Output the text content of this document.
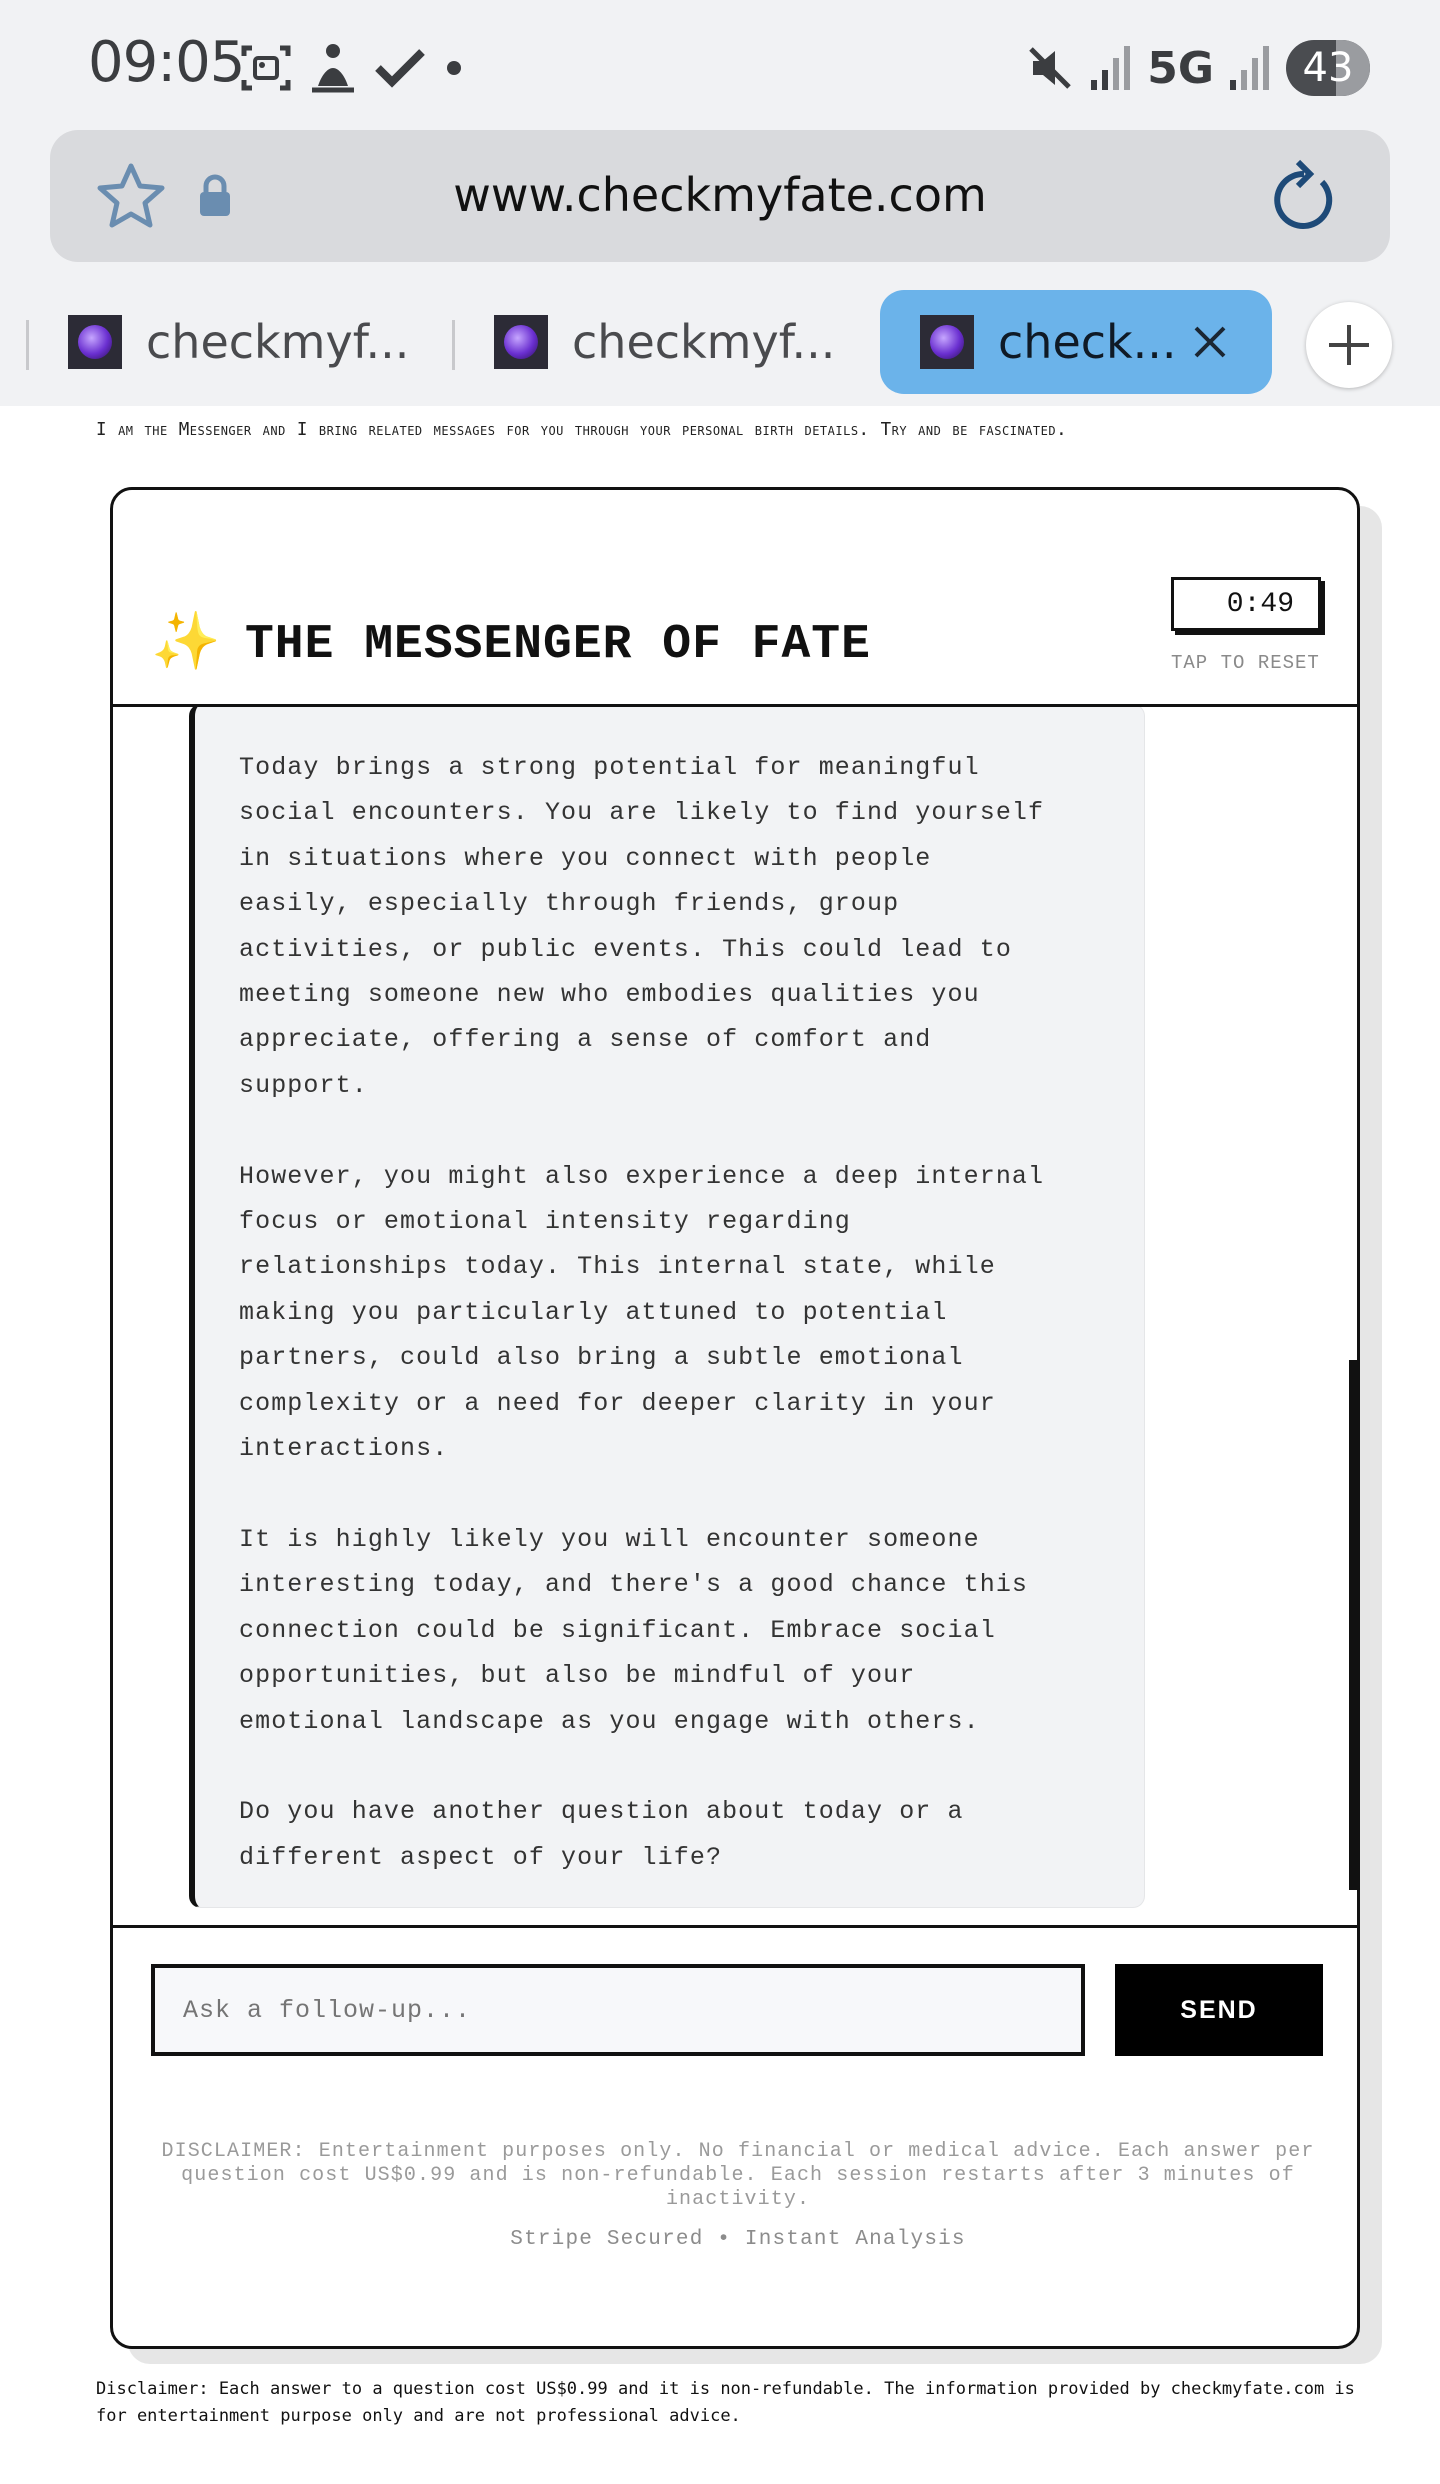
09:05	5G 43
www.checkmyfate.com
checkmyf...	checkmyf...	check...
I am the Messenger and I bring related messages for you through your personal birth details. Try and be fascinated.
✨ THE MESSENGER OF FATE
0:49
TAP TO RESET

Today brings a strong potential for meaningful
social encounters. You are likely to find yourself
in situations where you connect with people
easily, especially through friends, group
activities, or public events. This could lead to
meeting someone new who embodies qualities you
appreciate, offering a sense of comfort and
support.

However, you might also experience a deep internal
focus or emotional intensity regarding
relationships today. This internal state, while
making you particularly attuned to potential
partners, could also bring a subtle emotional
complexity or a need for deeper clarity in your
interactions.

It is highly likely you will encounter someone
interesting today, and there's a good chance this
connection could be significant. Embrace social
opportunities, but also be mindful of your
emotional landscape as you engage with others.

Do you have another question about today or a
different aspect of your life?

Ask a follow-up...
SEND
DISCLAIMER: Entertainment purposes only. No financial or medical advice. Each answer per question cost US$0.99 and is non-refundable. Each session restarts after 3 minutes of inactivity.
Stripe Secured • Instant Analysis
Disclaimer: Each answer to a question cost US$0.99 and it is non-refundable. The information provided by checkmyfate.com is for entertainment purpose only and are not professional advice.
